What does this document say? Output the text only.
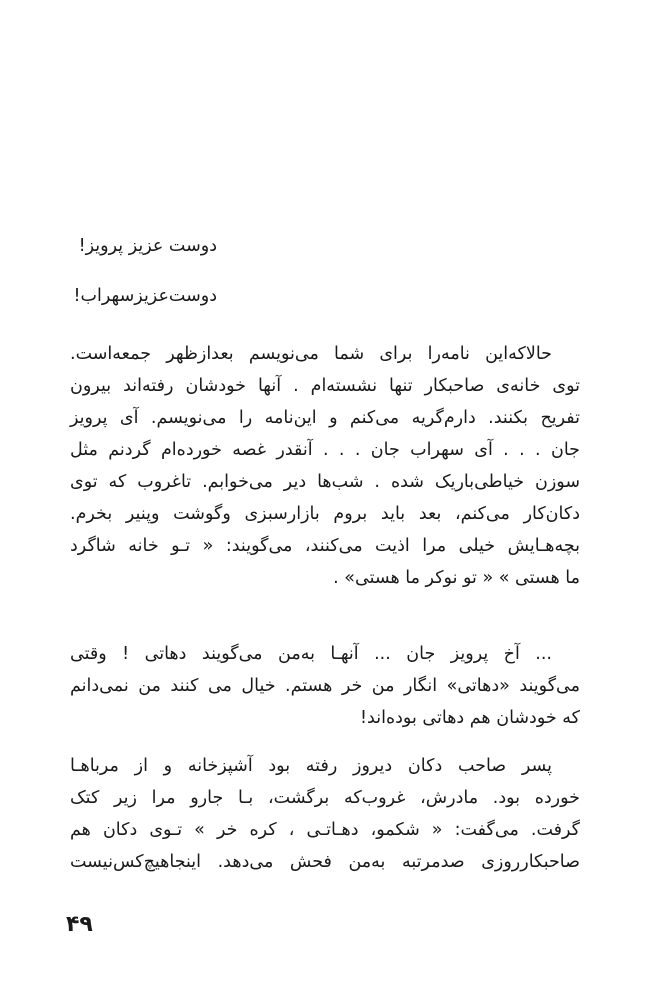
دوست عزیز پرویز!
دوست‌عزیزسهراب!
حالاکه‌این نامه‌را برای شما می‌نویسم بعدازظهر جمعه‌است.
توی خانه‌ی صاحبکار تنها نشسته‌ام . آنها خودشان رفته‌اند بیرون
تفریح بکنند. دارم‌گریه می‌کنم و این‌نامه را می‌نویسم. آی پرویز
جان . . . آی سهراب جان . . . آنقدر غصه خورده‌ام گردنم مثل
سوزن خیاطی‌باریک شده . شب‌ها دیر می‌خوابم. تاغروب که توی
دکان‌کار می‌کنم، بعد باید بروم بازارسبزی وگوشت وپنیر بخرم.
بچه‌هـایش خیلی مرا اذیت می‌کنند، می‌گویند: « تـو خانه شاگرد
ما هستی » « تو نوکر ما هستی» .
... آخ پرویز جان ... آنهـا به‌من می‌گویند دهاتی ! وقتی
می‌گویند «دهاتی» انگار من خر هستم. خیال می کنند من نمی‌دانم
که خودشان هم دهاتی بوده‌اند!
پسر صاحب دکان دیروز رفته بود آشپزخانه و از مرباهـا
خورده بود. مادرش، غروب‌که برگشت، بـا جارو مرا زیر کتک
گرفت. می‌گفت: « شکمو، دهـاتـی ، کره خر » تـوی دکان هم
صاحبکارروزی صدمرتبه به‌من فحش می‌دهد. اینجاهیچ‌کس‌نیست
۴۹
